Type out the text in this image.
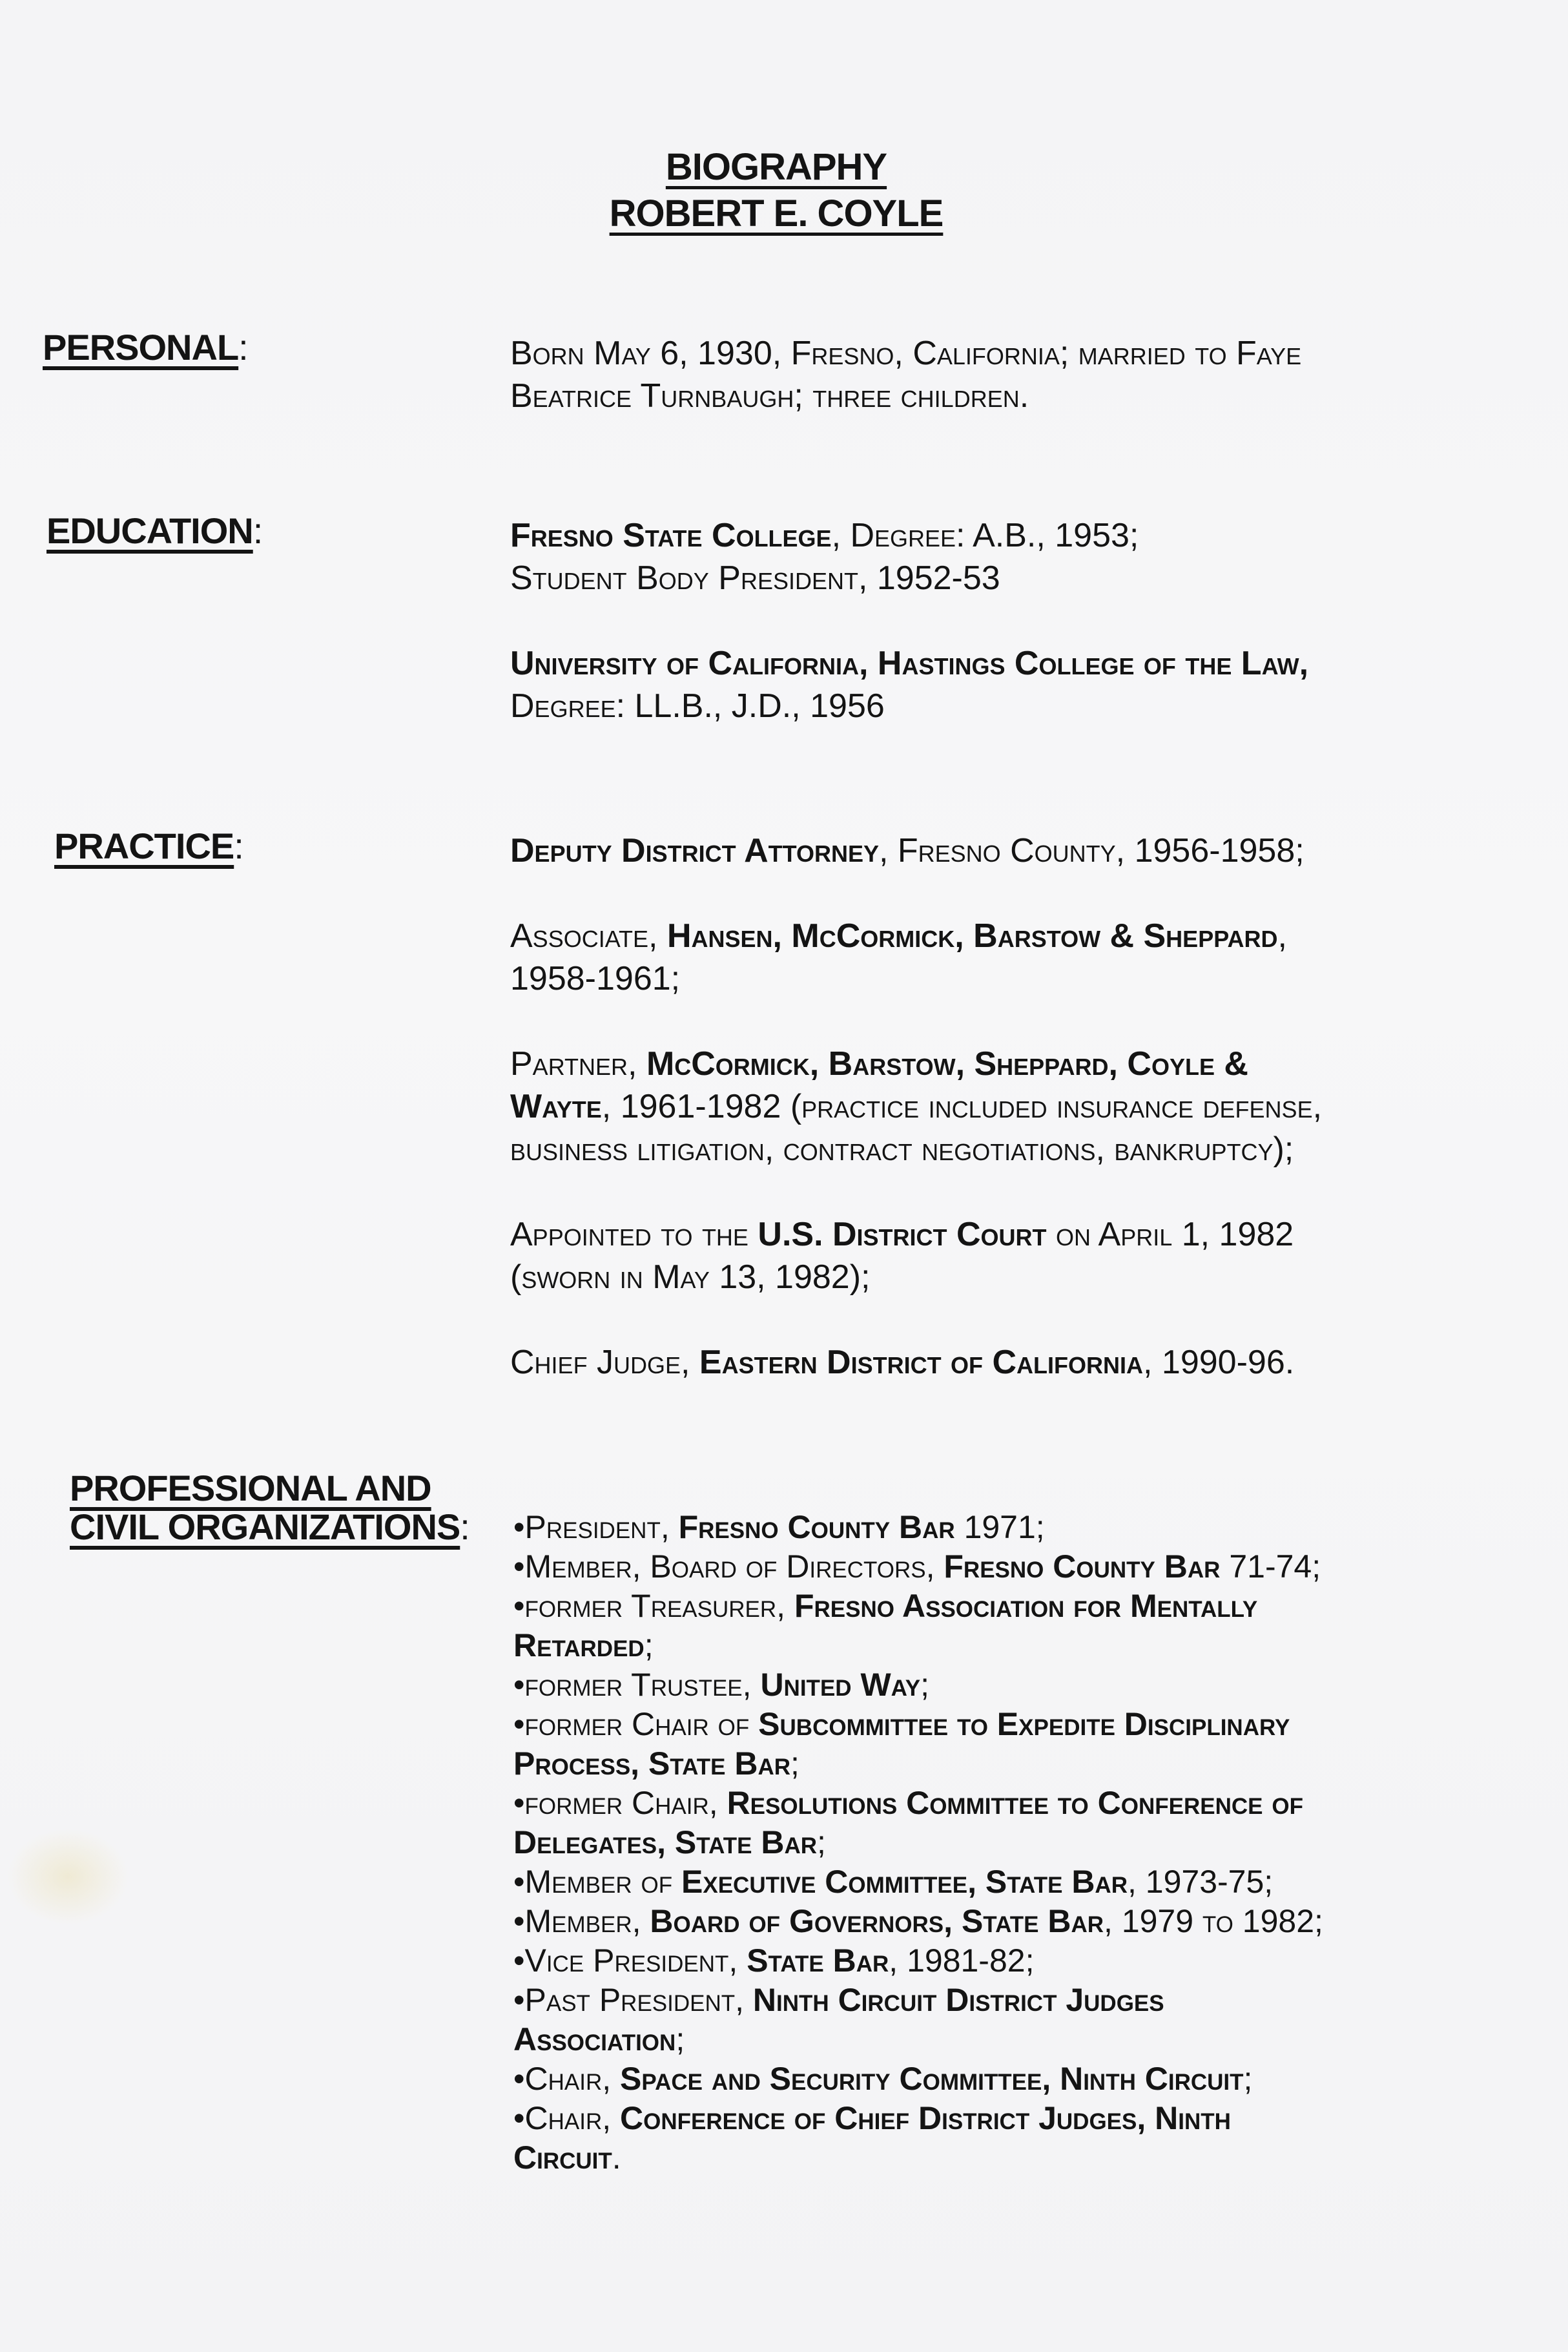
BIOGRAPHY
ROBERT E. COYLE
PERSONAL:	Born May 6, 1930, Fresno, California; married to Faye

Beatrice Turnbaugh; three children.

EDUCATION:	Fresno State College, Degree: A.B., 1953;

Student Body President, 1952-53

University of California, Hastings College of the Law,

Degree: LL.B., J.D., 1956

PRACTICE:	Deputy District Attorney, Fresno County, 1956-1958;

Associate, Hansen, McCormick, Barstow & Sheppard,

1958-1961;

Partner, McCormick, Barstow, Sheppard, Coyle &

Wayte, 1961-1982 (practice included insurance defense,

business litigation, contract negotiations, bankruptcy);

Appointed to the U.S. District Court on April 1, 1982

(sworn in May 13, 1982);

Chief Judge, Eastern District of California, 1990-96.

PROFESSIONAL AND
CIVIL ORGANIZATIONS: •President, Fresno County Bar 1971;
•Member, Board of Directors, Fresno County Bar 71-74;
•former Treasurer, Fresno Association for Mentally
Retarded;
•former Trustee, United Way;
•former Chair of Subcommittee to Expedite Disciplinary
Process, State Bar;
•former Chair, Resolutions Committee to Conference of
Delegates, State Bar;
•Member of Executive Committee, State Bar, 1973-75;
•Member, Board of Governors, State Bar, 1979 to 1982;
•Vice President, State Bar, 1981-82;
•Past President, Ninth Circuit District Judges
Association;
•Chair, Space and Security Committee, Ninth Circuit;
•Chair, Conference of Chief District Judges, Ninth
Circuit.
